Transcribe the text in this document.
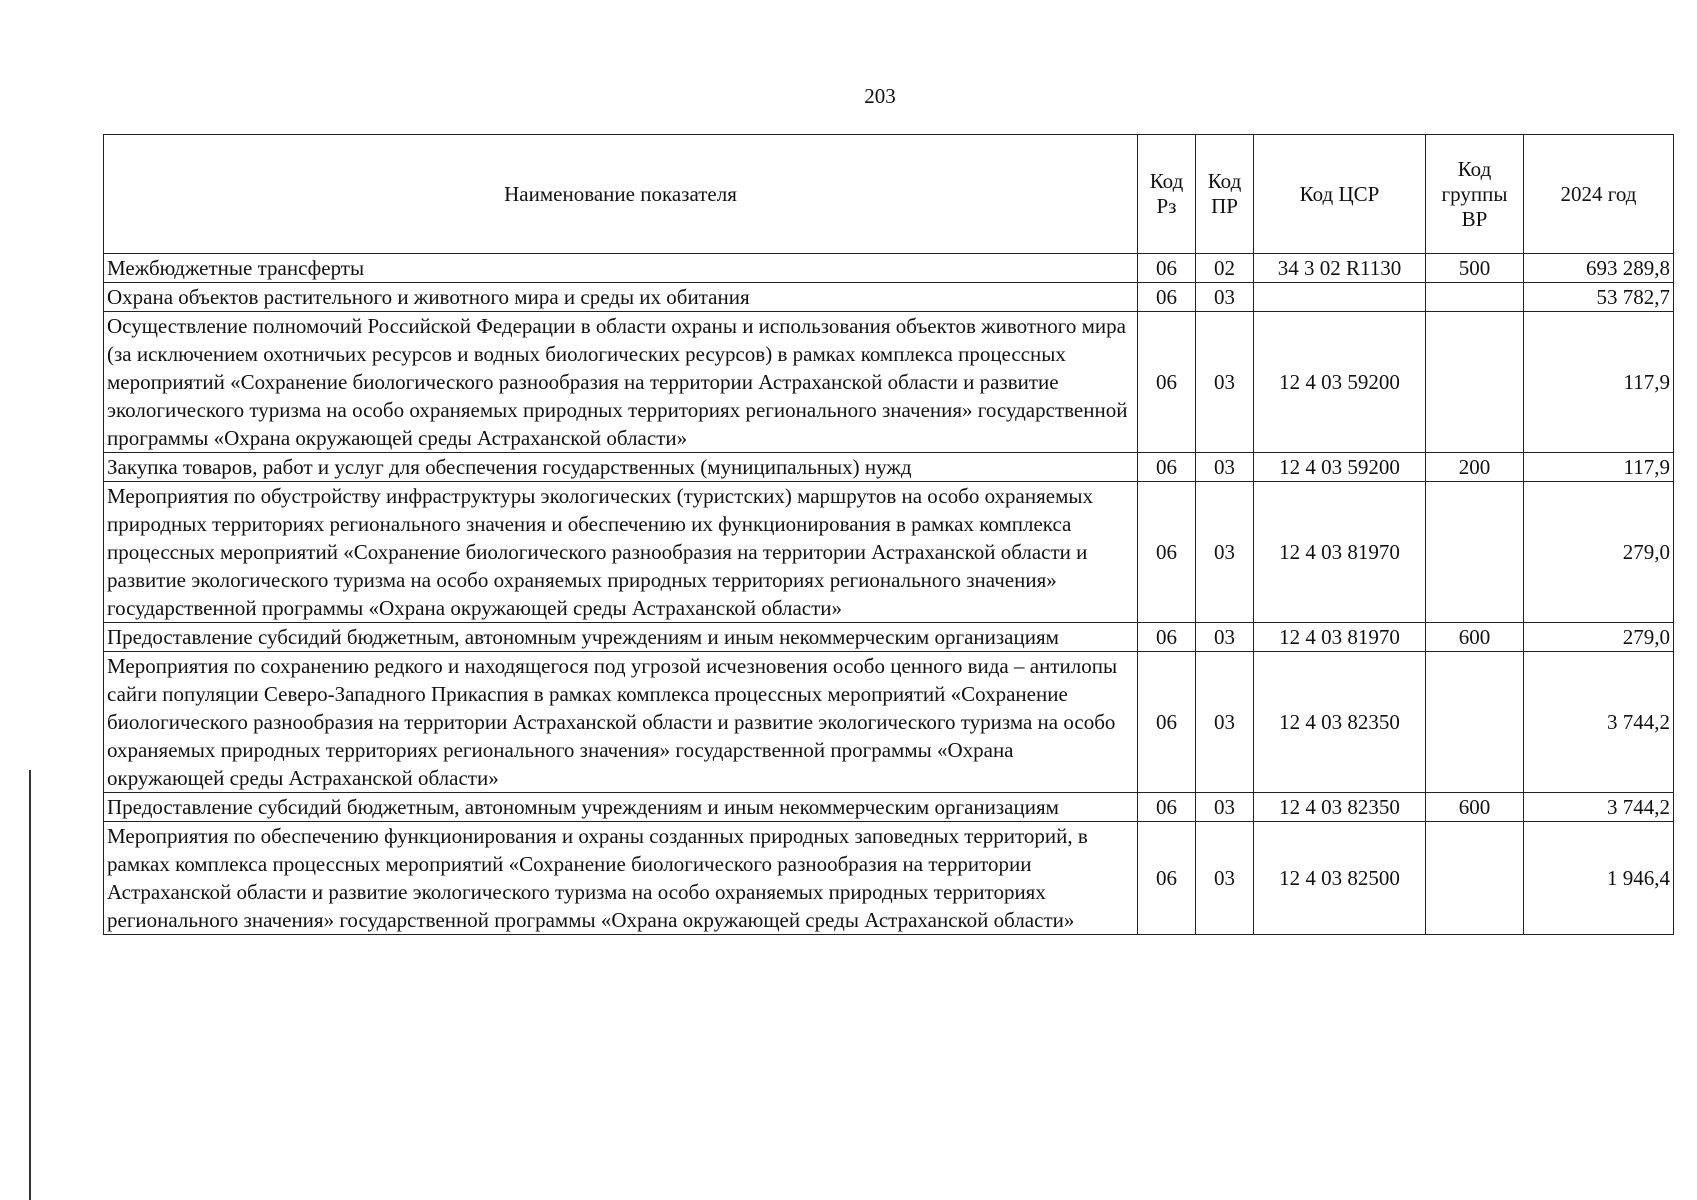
203
Наименование показателя	Код Рз	Код ПР	Код ЦСР	Код группы ВР	2024 год
Межбюджетные трансферты	06	02	34 3 02 R1130	500	693 289,8
Охрана объектов растительного и животного мира и среды их обитания	06	03			53 782,7
Осуществление полномочий Российской Федерации в области охраны и использования объектов животного мира (за исключением охотничьих ресурсов и водных биологических ресурсов) в рамках комплекса процессных мероприятий «Сохранение биологического разнообразия на территории Астраханской области и развитие экологического туризма на особо охраняемых природных территориях регионального значения» государственной программы «Охрана окружающей среды Астраханской области»	06	03	12 4 03 59200		117,9
Закупка товаров, работ и услуг для обеспечения государственных (муниципальных) нужд	06	03	12 4 03 59200	200	117,9
Мероприятия по обустройству инфраструктуры экологических (туристских) маршрутов на особо охраняемых природных территориях регионального значения и обеспечению их функционирования в рамках комплекса процессных мероприятий «Сохранение биологического разнообразия на территории Астраханской области и развитие экологического туризма на особо охраняемых природных территориях регионального значения» государственной программы «Охрана окружающей среды Астраханской области»	06	03	12 4 03 81970		279,0
Предоставление субсидий бюджетным, автономным учреждениям и иным некоммерческим организациям	06	03	12 4 03 81970	600	279,0
Мероприятия по сохранению редкого и находящегося под угрозой исчезновения особо ценного вида – антилопы сайги популяции Северо-Западного Прикаспия в рамках комплекса процессных мероприятий «Сохранение биологического разнообразия на территории Астраханской области и развитие экологического туризма на особо охраняемых природных территориях регионального значения» государственной программы «Охрана окружающей среды Астраханской области»	06	03	12 4 03 82350		3 744,2
Предоставление субсидий бюджетным, автономным учреждениям и иным некоммерческим организациям	06	03	12 4 03 82350	600	3 744,2
Мероприятия по обеспечению функционирования и охраны созданных природных заповедных территорий, в рамках комплекса процессных мероприятий «Сохранение биологического разнообразия на территории Астраханской области и развитие экологического туризма на особо охраняемых природных территориях регионального значения» государственной программы «Охрана окружающей среды Астраханской области»	06	03	12 4 03 82500		1 946,4
